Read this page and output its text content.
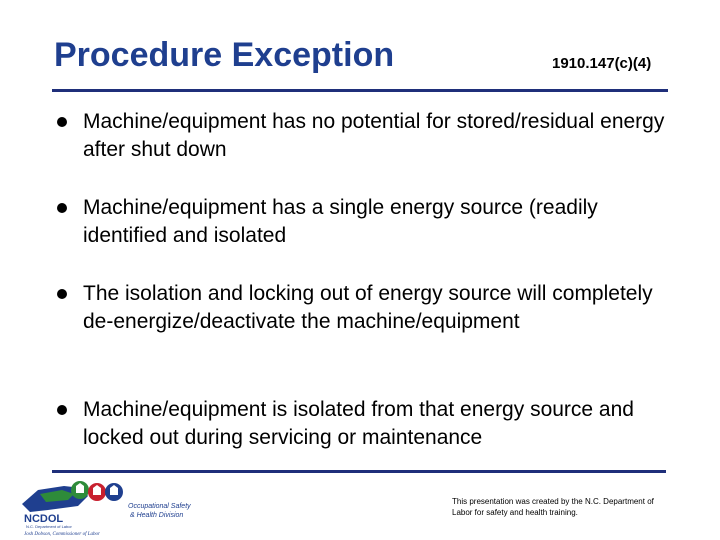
Procedure Exception	1910.147(c)(4)
Machine/equipment has no potential for stored/residual energy after shut down
Machine/equipment has a single energy source (readily identified and isolated
The isolation and locking out of energy source will completely de-energize/deactivate the machine/equipment
Machine/equipment is isolated from that energy source and locked out during servicing or maintenance
NCDOL
N.C. Department of Labor
Occupational Safety
& Health Division
Josh Dobson, Commissioner of Labor
This presentation was created by the N.C. Department of Labor for safety and health training.
